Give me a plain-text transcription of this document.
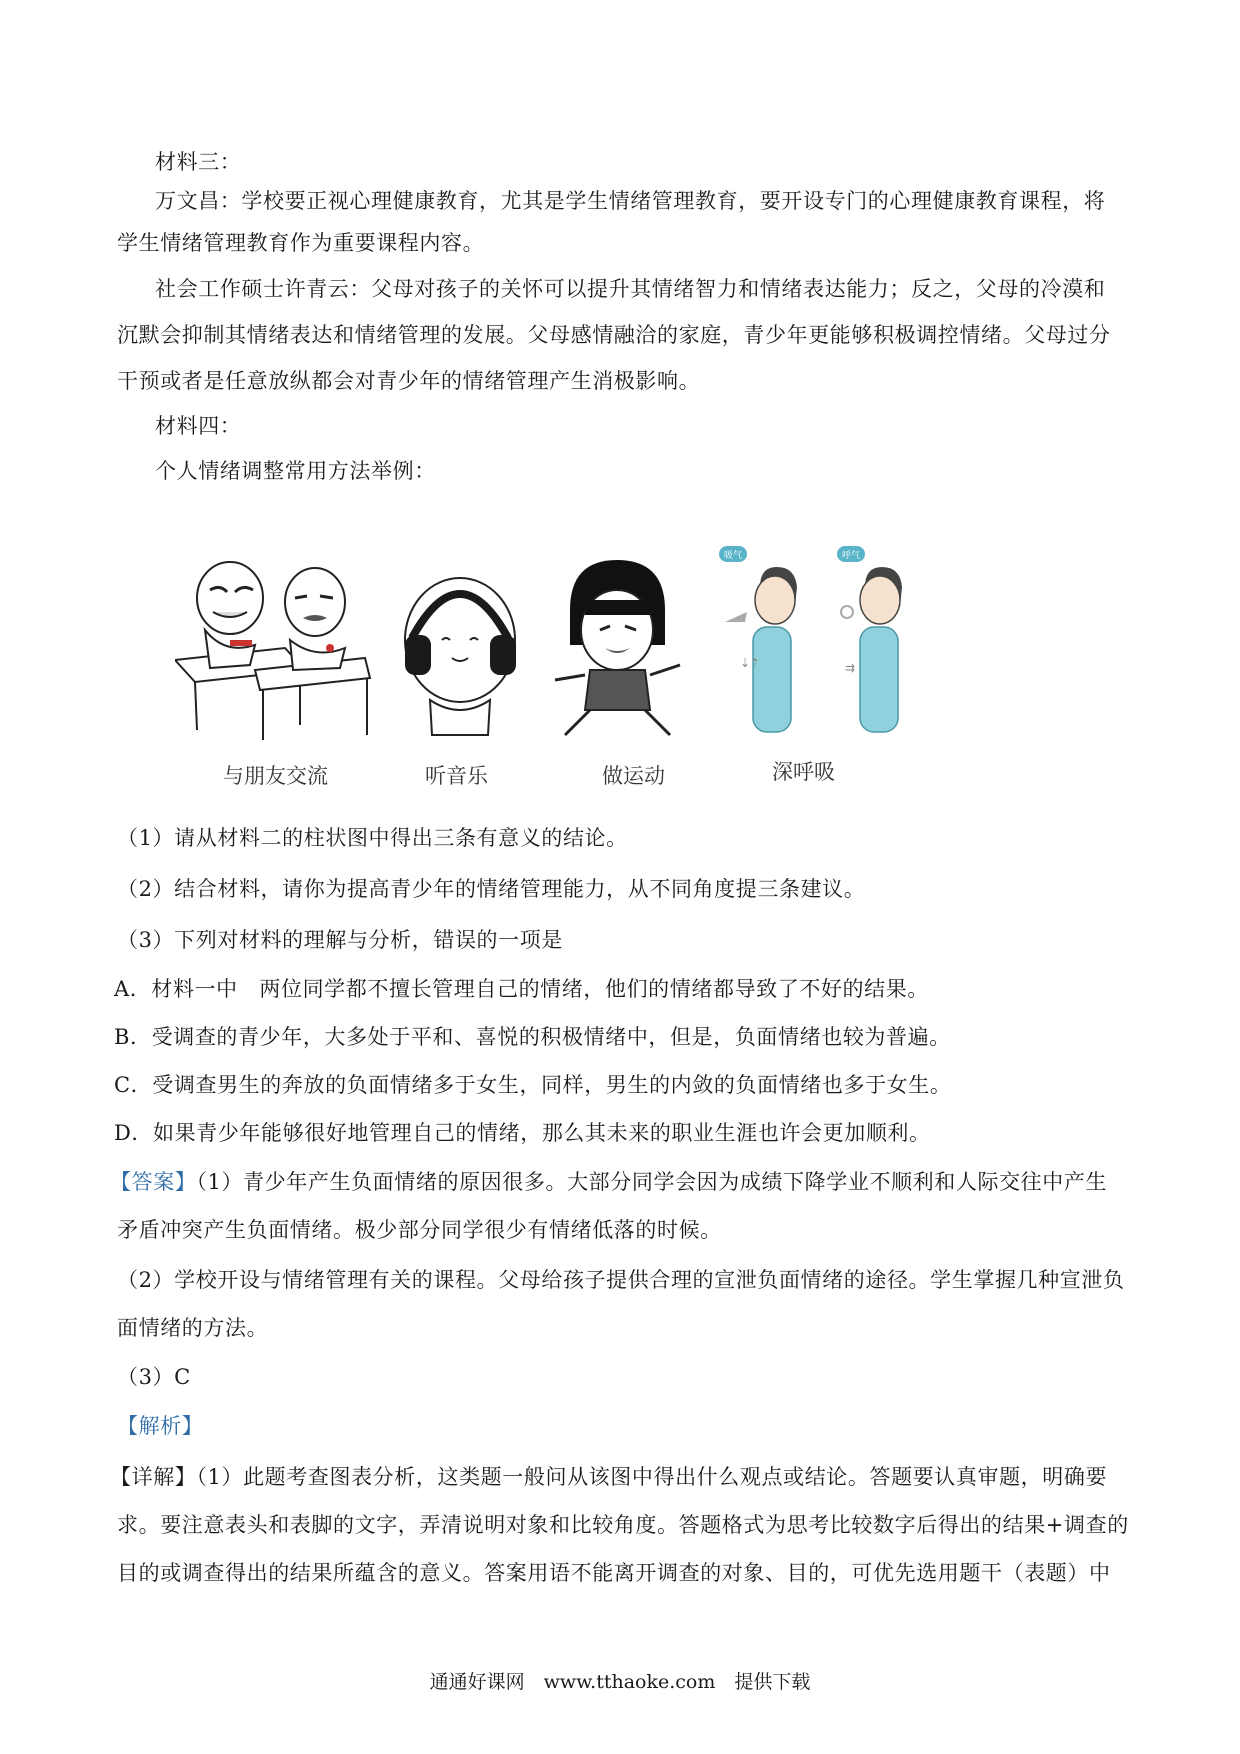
材料三：
万文昌：学校要正视心理健康教育，尤其是学生情绪管理教育，要开设专门的心理健康教育课程，将
学生情绪管理教育作为重要课程内容。
社会工作硕士许青云：父母对孩子的关怀可以提升其情绪智力和情绪表达能力；反之，父母的冷漠和
沉默会抑制其情绪表达和情绪管理的发展。父母感情融洽的家庭，青少年更能够积极调控情绪。父母过分
干预或者是任意放纵都会对青少年的情绪管理产生消极影响。
材料四：
个人情绪调整常用方法举例：
吸气
⇣⇡
呼气
⇉
与朋友交流	听音乐	做运动	深呼吸
（1）请从材料二的柱状图中得出三条有意义的结论。
（2）结合材料，请你为提高青少年的情绪管理能力，从不同角度提三条建议。
（3）下列对材料的理解与分析，错误的一项是
A．材料一中　两位同学都不擅长管理自己的情绪，他们的情绪都导致了不好的结果。
B．受调查的青少年，大多处于平和、喜悦的积极情绪中，但是，负面情绪也较为普遍。
C．受调查男生的奔放的负面情绪多于女生，同样，男生的内敛的负面情绪也多于女生。
D．如果青少年能够很好地管理自己的情绪，那么其未来的职业生涯也许会更加顺利。
【答案】（1）青少年产生负面情绪的原因很多。大部分同学会因为成绩下降学业不顺利和人际交往中产生
矛盾冲突产生负面情绪。极少部分同学很少有情绪低落的时候。
（2）学校开设与情绪管理有关的课程。父母给孩子提供合理的宣泄负面情绪的途径。学生掌握几种宣泄负
面情绪的方法。
（3）C
【解析】
【详解】（1）此题考查图表分析，这类题一般问从该图中得出什么观点或结论。答题要认真审题，明确要
求。要注意表头和表脚的文字，弄清说明对象和比较角度。答题格式为思考比较数字后得出的结果+调查的
目的或调查得出的结果所蕴含的意义。答案用语不能离开调查的对象、目的，可优先选用题干（表题）中
通通好课网　www.tthaoke.com　提供下载
